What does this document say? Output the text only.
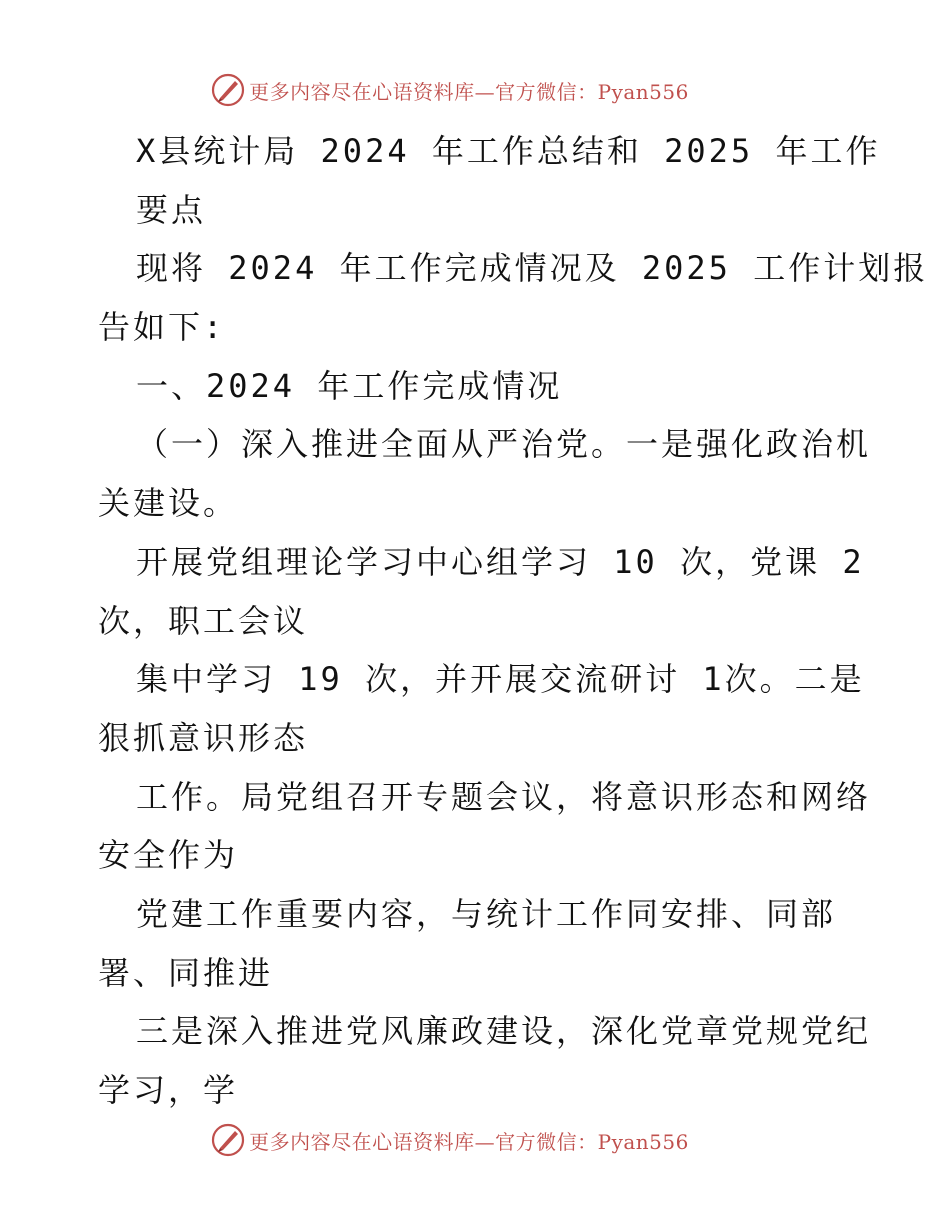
更多内容尽在心语资料库—官方微信：Pyan556
X县统计局 2024 年工作总结和 2025 年工作
要点
现将 2024 年工作完成情况及 2025 工作计划报
告如下:
一、2024 年工作完成情况
（一）深入推进全面从严治党。一是强化政治机
关建设。
开展党组理论学习中心组学习 10 次，党课 2
次，职工会议
集中学习 19 次，并开展交流研讨 1次。二是
狠抓意识形态
工作。局党组召开专题会议，将意识形态和网络
安全作为
党建工作重要内容，与统计工作同安排、同部
署、同推进
三是深入推进党风廉政建设，深化党章党规党纪
学习，学
更多内容尽在心语资料库—官方微信：Pyan556
